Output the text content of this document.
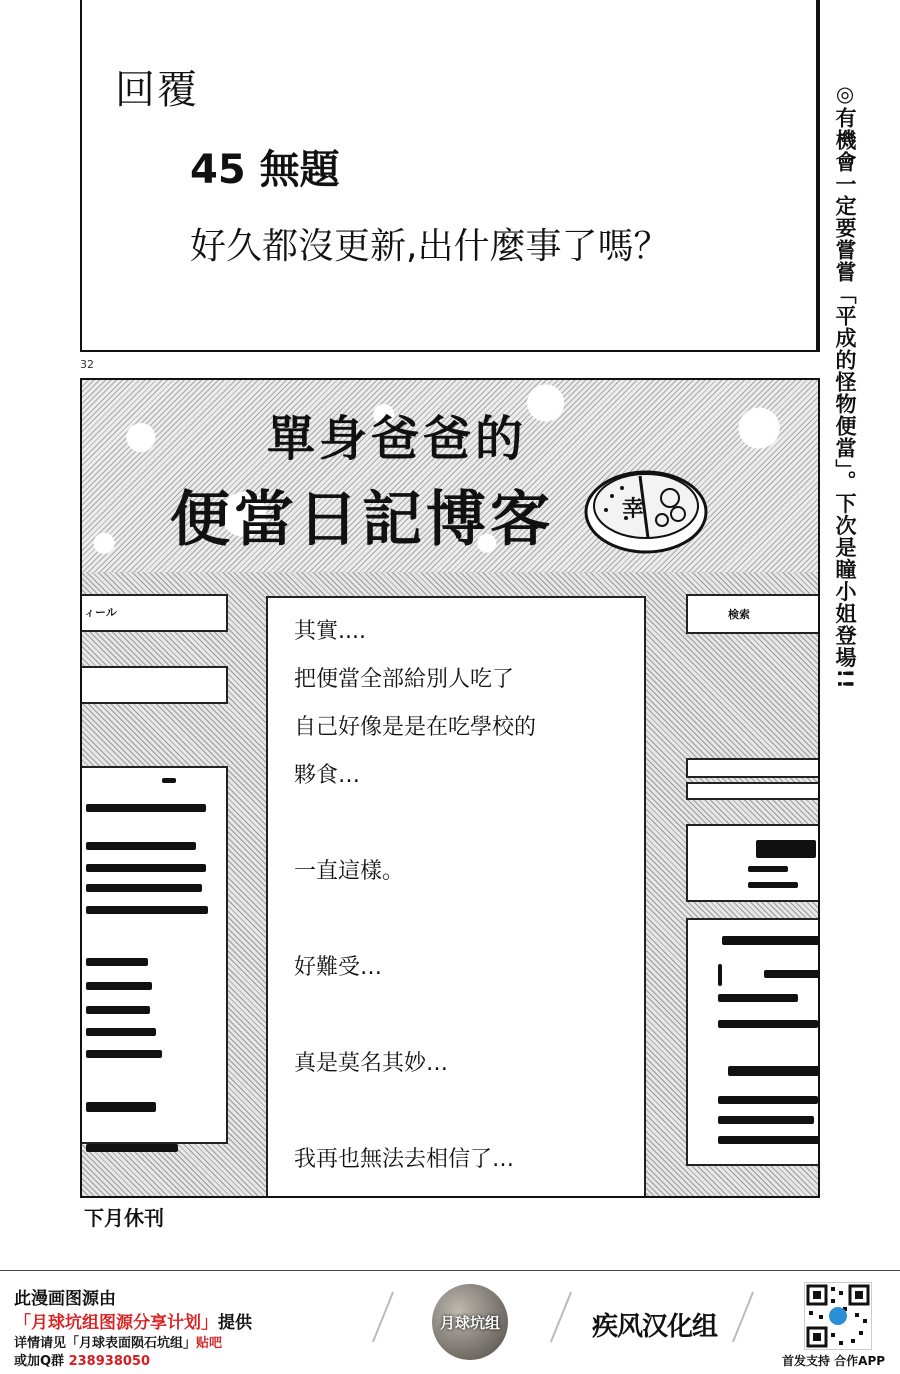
回覆
45 無題
好久都沒更新,出什麼事了嗎？
32	◎有機會一定要嘗嘗「平成的怪物便當」。下次是瞳小姐登場!!
單身爸爸的
便當日記博客	幸
ィール	検索
其實....
把便當全部給別人吃了
自己好像是是在吃學校的
夥食…
一直這樣。
好難受…
真是莫名其妙…
我再也無法去相信了…
下月休刊
此漫画图源由
「月球坑组图源分享计划」提供
详情请见「月球表面陨石坑组」贴吧
或加Q群 238938050
月球坑组	疾风汉化组
首发支持 合作APP
